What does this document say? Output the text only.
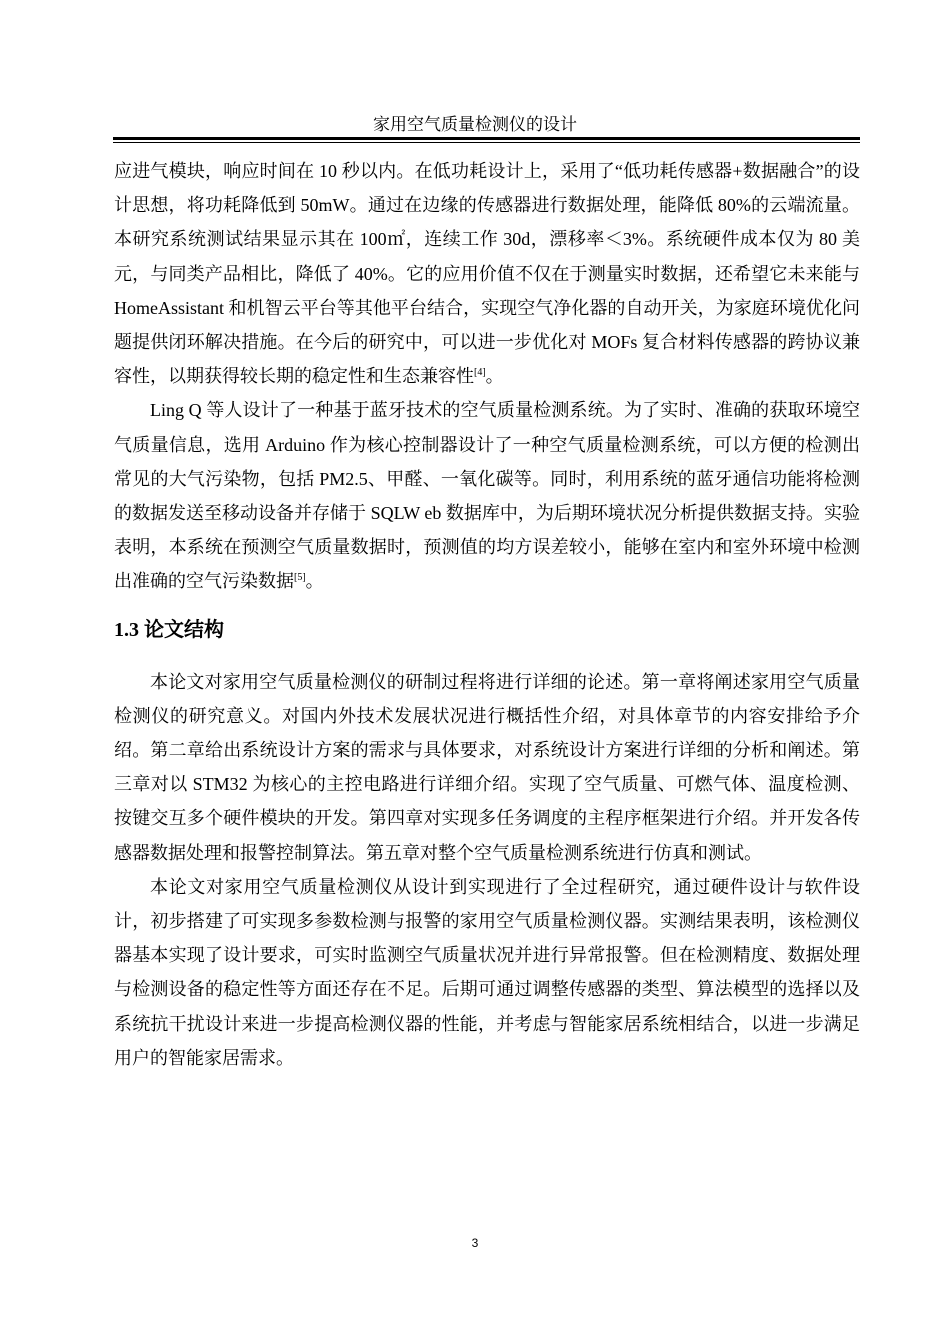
家用空气质量检测仪的设计

应进气模块，响应时间在 10 秒以内。在低功耗设计上，采用了“低功耗传感器+数据融合”的设计思想，将功耗降低到 50mW。通过在边缘的传感器进行数据处理，能降低 80%的云端流量。本研究系统测试结果显示其在 100㎡，连续工作 30d，漂移率＜3%。系统硬件成本仅为 80 美元，与同类产品相比，降低了 40%。它的应用价值不仅在于测量实时数据，还希望它未来能与 HomeAssistant 和机智云平台等其他平台结合，实现空气净化器的自动开关，为家庭环境优化问题提供闭环解决措施。在今后的研究中，可以进一步优化对 MOFs 复合材料传感器的跨协议兼容性，以期获得较长期的稳定性和生态兼容性[4]。

Ling Q 等人设计了一种基于蓝牙技术的空气质量检测系统。为了实时、准确的获取环境空气质量信息，选用 Arduino 作为核心控制器设计了一种空气质量检测系统，可以方便的检测出常见的大气污染物，包括 PM2.5、甲醛、一氧化碳等。同时，利用系统的蓝牙通信功能将检测的数据发送至移动设备并存储于 SQLW eb 数据库中，为后期环境状况分析提供数据支持。实验表明，本系统在预测空气质量数据时，预测值的均方误差较小，能够在室内和室外环境中检测出准确的空气污染数据[5]。

1.3 论文结构

本论文对家用空气质量检测仪的研制过程将进行详细的论述。第一章将阐述家用空气质量检测仪的研究意义。对国内外技术发展状况进行概括性介绍，对具体章节的内容安排给予介绍。第二章给出系统设计方案的需求与具体要求，对系统设计方案进行详细的分析和阐述。第三章对以 STM32 为核心的主控电路进行详细介绍。实现了空气质量、可燃气体、温度检测、按键交互多个硬件模块的开发。第四章对实现多任务调度的主程序框架进行介绍。并开发各传感器数据处理和报警控制算法。第五章对整个空气质量检测系统进行仿真和测试。

本论文对家用空气质量检测仪从设计到实现进行了全过程研究，通过硬件设计与软件设计，初步搭建了可实现多参数检测与报警的家用空气质量检测仪器。实测结果表明，该检测仪器基本实现了设计要求，可实时监测空气质量状况并进行异常报警。但在检测精度、数据处理与检测设备的稳定性等方面还存在不足。后期可通过调整传感器的类型、算法模型的选择以及系统抗干扰设计来进一步提高检测仪器的性能，并考虑与智能家居系统相结合，以进一步满足用户的智能家居需求。

3
